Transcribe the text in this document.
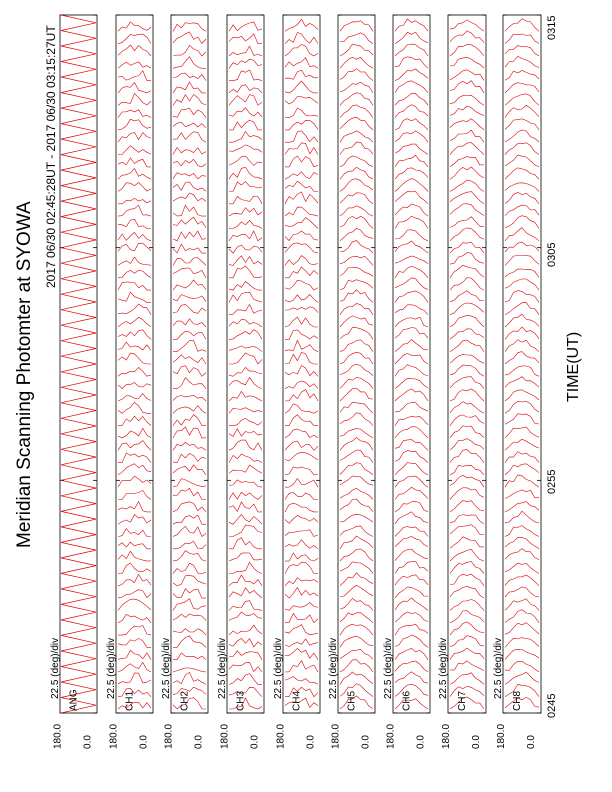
Meridian Scanning Photomter at SYOWA
2017 06/30 02:45:28UT - 2017 06/30 03:15:27UT
TIME(UT)
0245
0255
0305
0315
22.5 (deg)/div
180.0
ANG
0.0
22.5 (deg)/div
180.0
CH1
0.0
22.5 (deg)/div
180.0
CH2
0.0
22.5 (deg)/div
180.0
CH3
0.0
22.5 (deg)/div
180.0
CH4
0.0
22.5 (deg)/div
180.0
CH5
0.0
22.5 (deg)/div
180.0
CH6
0.0
22.5 (deg)/div
180.0
CH7
0.0
22.5 (deg)/div
180.0
CH8
0.0
